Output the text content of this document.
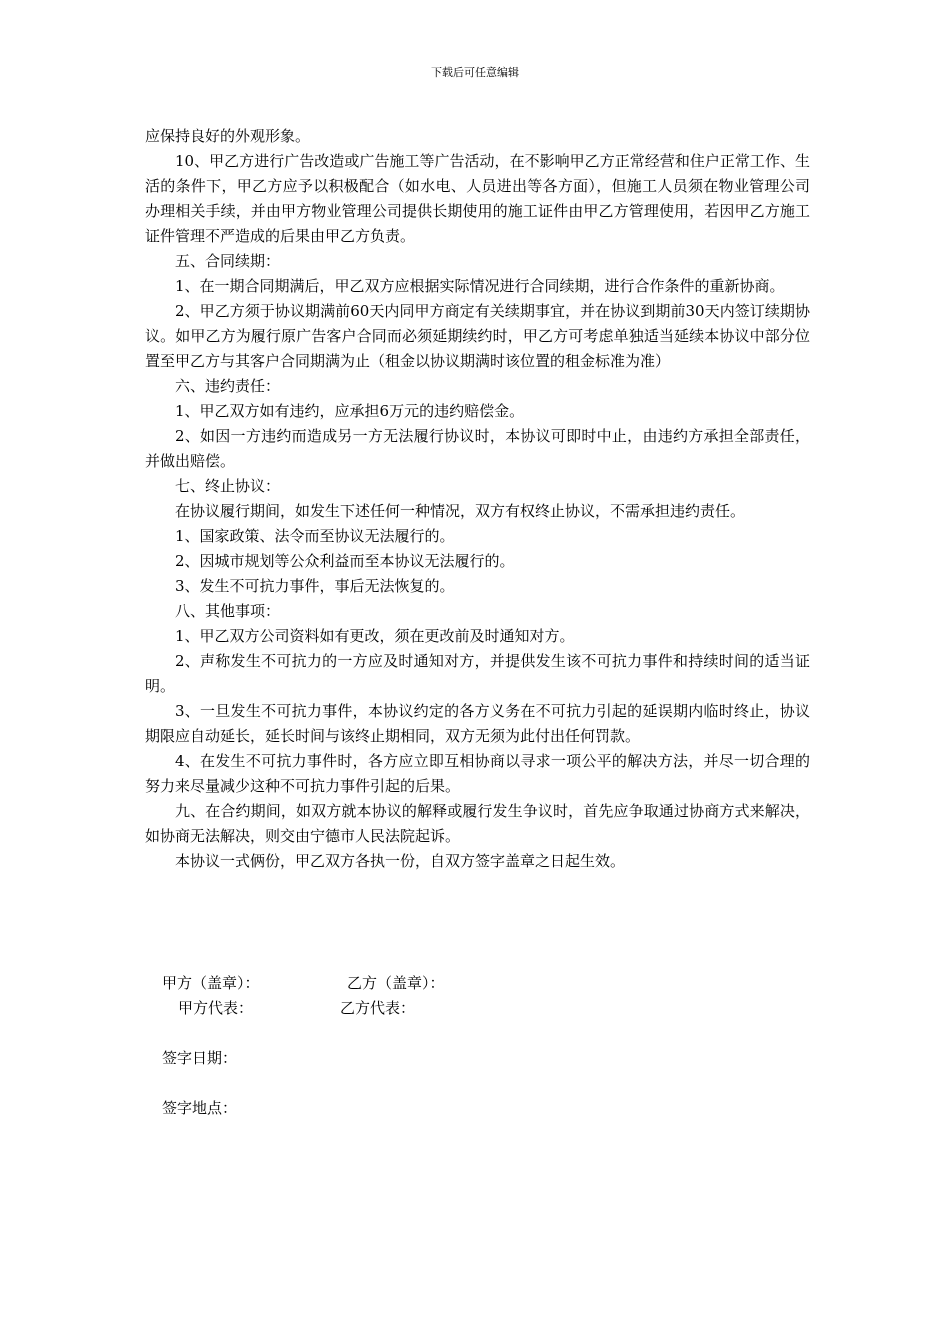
下载后可任意编辑

应保持良好的外观形象。

10、甲乙方进行广告改造或广告施工等广告活动，在不影响甲乙方正常经营和住户正常工作、生活的条件下，甲乙方应予以积极配合（如水电、人员进出等各方面），但施工人员须在物业管理公司办理相关手续，并由甲方物业管理公司提供长期使用的施工证件由甲乙方管理使用，若因甲乙方施工证件管理不严造成的后果由甲乙方负责。

五、合同续期：

1、在一期合同期满后，甲乙双方应根据实际情况进行合同续期，进行合作条件的重新协商。

2、甲乙方须于协议期满前60天内同甲方商定有关续期事宜，并在协议到期前30天内签订续期协议。如甲乙方为履行原广告客户合同而必须延期续约时，甲乙方可考虑单独适当延续本协议中部分位置至甲乙方与其客户合同期满为止（租金以协议期满时该位置的租金标准为准）

六、违约责任：

1、甲乙双方如有违约，应承担6万元的违约赔偿金。

2、如因一方违约而造成另一方无法履行协议时，本协议可即时中止，由违约方承担全部责任，并做出赔偿。

七、终止协议：

在协议履行期间，如发生下述任何一种情况，双方有权终止协议，不需承担违约责任。

1、国家政策、法令而至协议无法履行的。

2、因城市规划等公众利益而至本协议无法履行的。

3、发生不可抗力事件，事后无法恢复的。

八、其他事项：

1、甲乙双方公司资料如有更改，须在更改前及时通知对方。

2、声称发生不可抗力的一方应及时通知对方，并提供发生该不可抗力事件和持续时间的适当证明。

3、一旦发生不可抗力事件，本协议约定的各方义务在不可抗力引起的延误期内临时终止，协议期限应自动延长，延长时间与该终止期相同，双方无须为此付出任何罚款。

4、在发生不可抗力事件时，各方应立即互相协商以寻求一项公平的解决方法，并尽一切合理的努力来尽量减少这种不可抗力事件引起的后果。

九、在合约期间，如双方就本协议的解释或履行发生争议时，首先应争取通过协商方式来解决，如协商无法解决，则交由宁德市人民法院起诉。

本协议一式俩份，甲乙双方各执一份，自双方签字盖章之日起生效。

甲方（盖章）：	乙方（盖章）：
甲方代表：	乙方代表：
签字日期：
签字地点：
